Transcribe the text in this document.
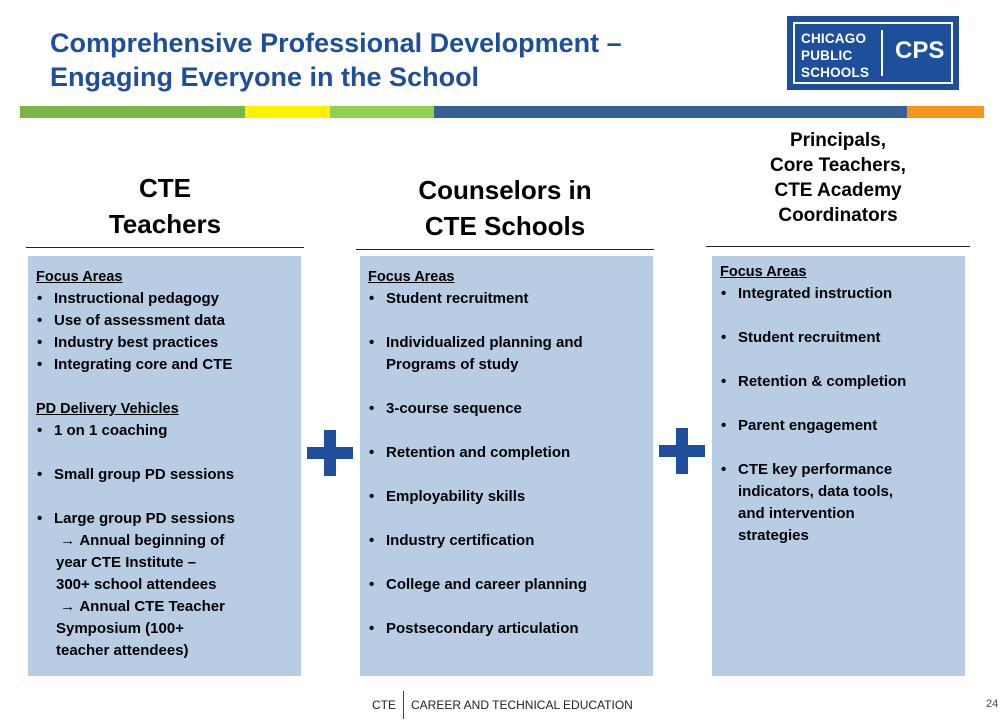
Comprehensive Professional Development –
Engaging Everyone in the School
CHICAGO
PUBLIC
SCHOOLS
CPS
CTE
Teachers
Counselors in
CTE Schools
Principals,
Core Teachers,
CTE Academy
Coordinators
Focus Areas
• Instructional pedagogy
• Use of assessment data
• Industry best practices
• Integrating core and CTE
PD Delivery Vehicles
• 1 on 1 coaching
• Small group PD sessions
• Large group PD sessions
→ Annual beginning of
year CTE Institute –
300+ school attendees
→ Annual CTE Teacher
Symposium (100+
teacher attendees)
Focus Areas
• Student recruitment
• Individualized planning and
Programs of study
• 3-course sequence
• Retention and completion
• Employability skills
• Industry certification
• College and career planning
• Postsecondary articulation
Focus Areas
• Integrated instruction
• Student recruitment
• Retention & completion
• Parent engagement
• CTE key performance
indicators, data tools,
and intervention
strategies
CTE CAREER AND TECHNICAL EDUCATION	24
